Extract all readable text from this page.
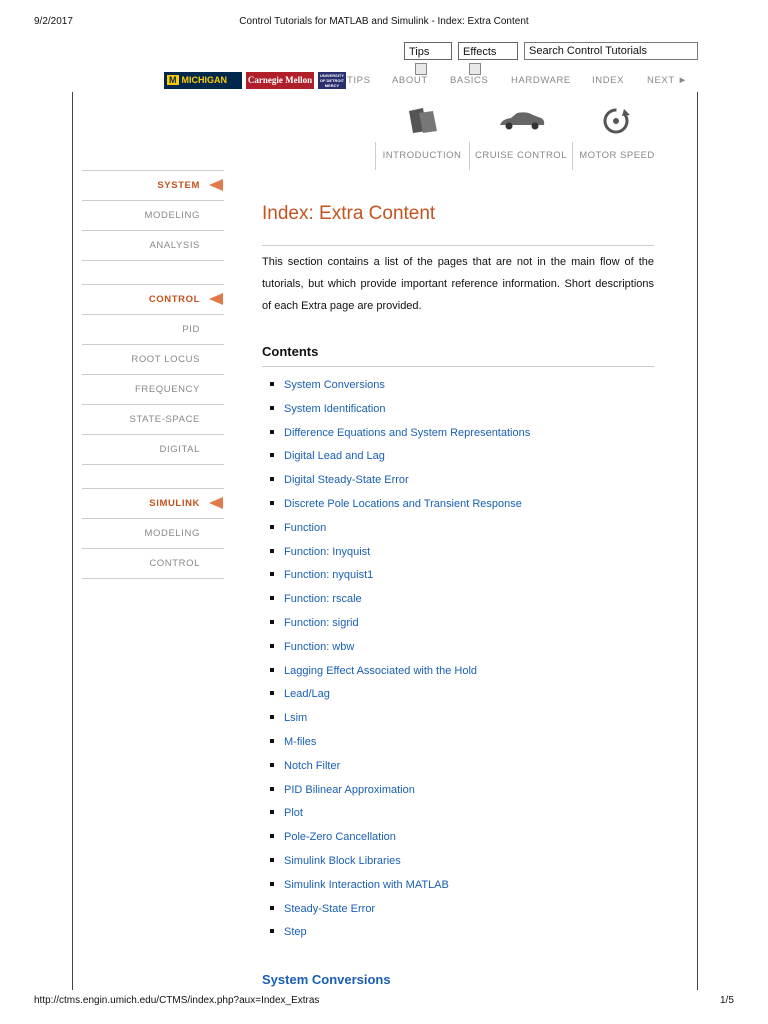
9/2/2017	Control Tutorials for MATLAB and Simulink - Index: Extra Content
Tips	Effects
Search Control Tutorials
M MICHIGAN	Carnegie Mellon	UNIVERSITY OF DETROIT MERCY TIPS ABOUT BASICS HARDWARE INDEX NEXT ►
INTRODUCTION	CRUISE CONTROL	MOTOR SPEED
SYSTEM
MODELING
ANALYSIS
CONTROL
PID
ROOT LOCUS
FREQUENCY
STATE-SPACE
DIGITAL
SIMULINK
MODELING
CONTROL
Index: Extra Content

This section contains a list of the pages that are not in the main flow of the tutorials, but which provide important reference information. Short descriptions of each Extra page are provided.

Contents
System Conversions
System Identification
Difference Equations and System Representations
Digital Lead and Lag
Digital Steady-State Error
Discrete Pole Locations and Transient Response
Function
Function: Inyquist
Function: nyquist1
Function: rscale
Function: sigrid
Function: wbw
Lagging Effect Associated with the Hold
Lead/Lag
Lsim
M-files
Notch Filter
PID Bilinear Approximation
Plot
Pole-Zero Cancellation
Simulink Block Libraries
Simulink Interaction with MATLAB
Steady-State Error
Step
System Conversions
http://ctms.engin.umich.edu/CTMS/index.php?aux=Index_Extras	1/5
